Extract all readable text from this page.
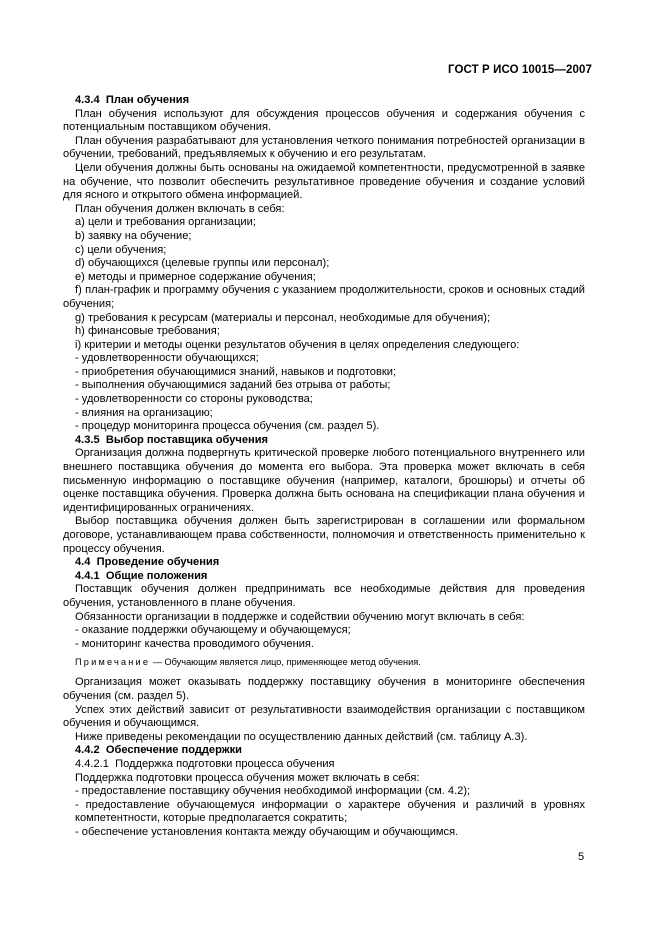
ГОСТ Р ИСО 10015—2007
4.3.4 План обучения

План обучения используют для обсуждения процессов обучения и содержания обучения с потенциальным поставщиком обучения.

План обучения разрабатывают для установления четкого понимания потребностей организации в обучении, требований, предъявляемых к обучению и его результатам.

Цели обучения должны быть основаны на ожидаемой компетентности, предусмотренной в заявке на обучение, что позволит обеспечить результативное проведение обучения и создание условий для ясного и открытого обмена информацией.

План обучения должен включать в себя:

a) цели и требования организации;

b) заявку на обучение;

c) цели обучения;

d) обучающихся (целевые группы или персонал);

e) методы и примерное содержание обучения;

f) план-график и программу обучения с указанием продолжительности, сроков и основных стадий обучения;

g) требования к ресурсам (материалы и персонал, необходимые для обучения);

h) финансовые требования;

i) критерии и методы оценки результатов обучения в целях определения следующего:

- удовлетворенности обучающихся;

- приобретения обучающимися знаний, навыков и подготовки;

- выполнения обучающимися заданий без отрыва от работы;

- удовлетворенности со стороны руководства;

- влияния на организацию;

- процедур мониторинга процесса обучения (см. раздел 5).

4.3.5 Выбор поставщика обучения

Организация должна подвергнуть критической проверке любого потенциального внутреннего или внешнего поставщика обучения до момента его выбора. Эта проверка может включать в себя письменную информацию о поставщике обучения (например, каталоги, брошюры) и отчеты об оценке поставщика обучения. Проверка должна быть основана на спецификации плана обучения и идентифицированных ограничениях.

Выбор поставщика обучения должен быть зарегистрирован в соглашении или формальном договоре, устанавливающем права собственности, полномочия и ответственность применительно к процессу обучения.

4.4 Проведение обучения
4.4.1 Общие положения

Поставщик обучения должен предпринимать все необходимые действия для проведения обучения, установленного в плане обучения.

Обязанности организации в поддержке и содействии обучению могут включать в себя:

- оказание поддержки обучающему и обучающемуся;

- мониторинг качества проводимого обучения.

Примечание — Обучающим является лицо, применяющее метод обучения.

Организация может оказывать поддержку поставщику обучения в мониторинге обеспечения обучения (см. раздел 5).

Успех этих действий зависит от результативности взаимодействия организации с поставщиком обучения и обучающимся.

Ниже приведены рекомендации по осуществлению данных действий (см. таблицу А.3).

4.4.2 Обеспечение поддержки

4.4.2.1 Поддержка подготовки процесса обучения

Поддержка подготовки процесса обучения может включать в себя:

- предоставление поставщику обучения необходимой информации (см. 4.2);

- предоставление обучающемуся информации о характере обучения и различий в уровнях компетентности, которые предполагается сократить;

- обеспечение установления контакта между обучающим и обучающимся.

5
